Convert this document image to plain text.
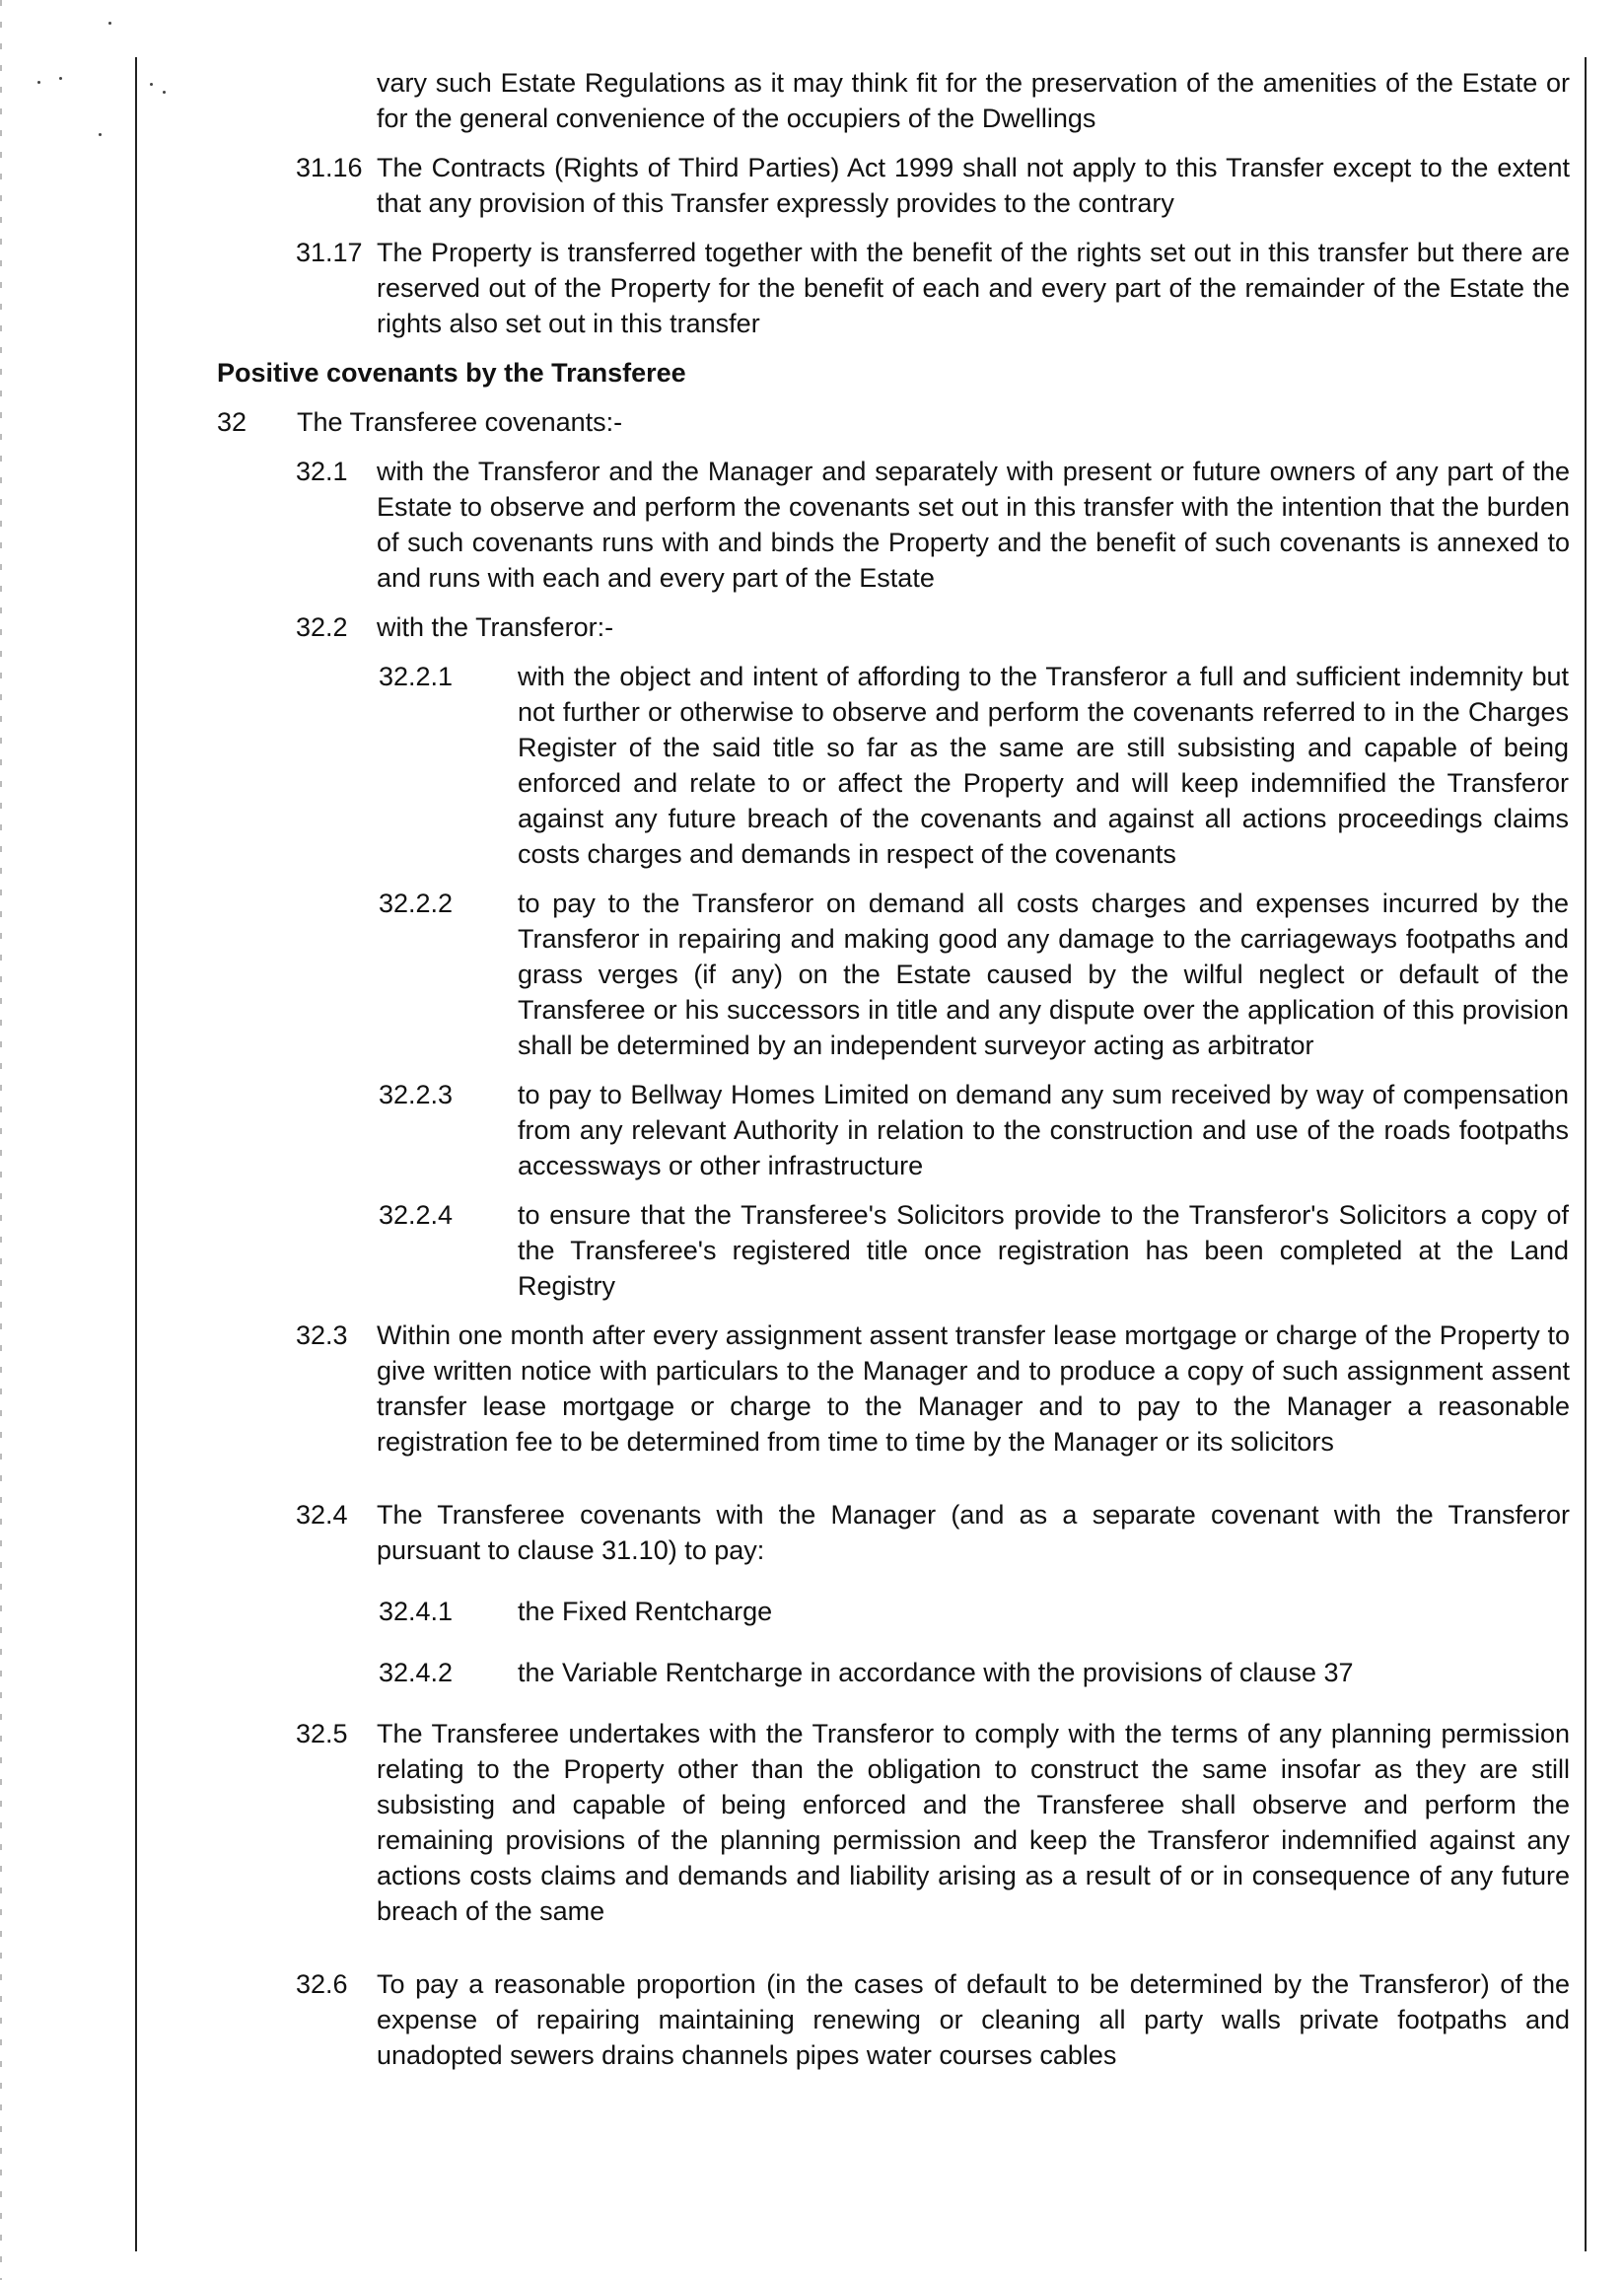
vary such Estate Regulations as it may think fit for the preservation of the amenities of the Estate or for the general convenience of the occupiers of the Dwellings
31.16 The Contracts (Rights of Third Parties) Act 1999 shall not apply to this Transfer except to the extent that any provision of this Transfer expressly provides to the contrary
31.17 The Property is transferred together with the benefit of the rights set out in this transfer but there are reserved out of the Property for the benefit of each and every part of the remainder of the Estate the rights also set out in this transfer
Positive covenants by the Transferee
32	The Transferee covenants:-
32.1	with the Transferor and the Manager and separately with present or future owners of any part of the Estate to observe and perform the covenants set out in this transfer with the intention that the burden of such covenants runs with and binds the Property and the benefit of such covenants is annexed to and runs with each and every part of the Estate
32.2	with the Transferor:-
32.2.1	with the object and intent of affording to the Transferor a full and sufficient indemnity but not further or otherwise to observe and perform the covenants referred to in the Charges Register of the said title so far as the same are still subsisting and capable of being enforced and relate to or affect the Property and will keep indemnified the Transferor against any future breach of the covenants and against all actions proceedings claims costs charges and demands in respect of the covenants
32.2.2	to pay to the Transferor on demand all costs charges and expenses incurred by the Transferor in repairing and making good any damage to the carriageways footpaths and grass verges (if any) on the Estate caused by the wilful neglect or default of the Transferee or his successors in title and any dispute over the application of this provision shall be determined by an independent surveyor acting as arbitrator
32.2.3	to pay to Bellway Homes Limited on demand any sum received by way of compensation from any relevant Authority in relation to the construction and use of the roads footpaths accessways or other infrastructure
32.2.4	to ensure that the Transferee's Solicitors provide to the Transferor's Solicitors a copy of the Transferee's registered title once registration has been completed at the Land Registry
32.3	Within one month after every assignment assent transfer lease mortgage or charge of the Property to give written notice with particulars to the Manager and to produce a copy of such assignment assent transfer lease mortgage or charge to the Manager and to pay to the Manager a reasonable registration fee to be determined from time to time by the Manager or its solicitors
32.4	The Transferee covenants with the Manager (and as a separate covenant with the Transferor pursuant to clause 31.10) to pay:
32.4.1	the Fixed Rentcharge
32.4.2	the Variable Rentcharge in accordance with the provisions of clause 37
32.5	The Transferee undertakes with the Transferor to comply with the terms of any planning permission relating to the Property other than the obligation to construct the same insofar as they are still subsisting and capable of being enforced and the Transferee shall observe and perform the remaining provisions of the planning permission and keep the Transferor indemnified against any actions costs claims and demands and liability arising as a result of or in consequence of any future breach of the same
32.6	To pay a reasonable proportion (in the cases of default to be determined by the Transferor) of the expense of repairing maintaining renewing or cleaning all party walls private footpaths and unadopted sewers drains channels pipes water courses cables
